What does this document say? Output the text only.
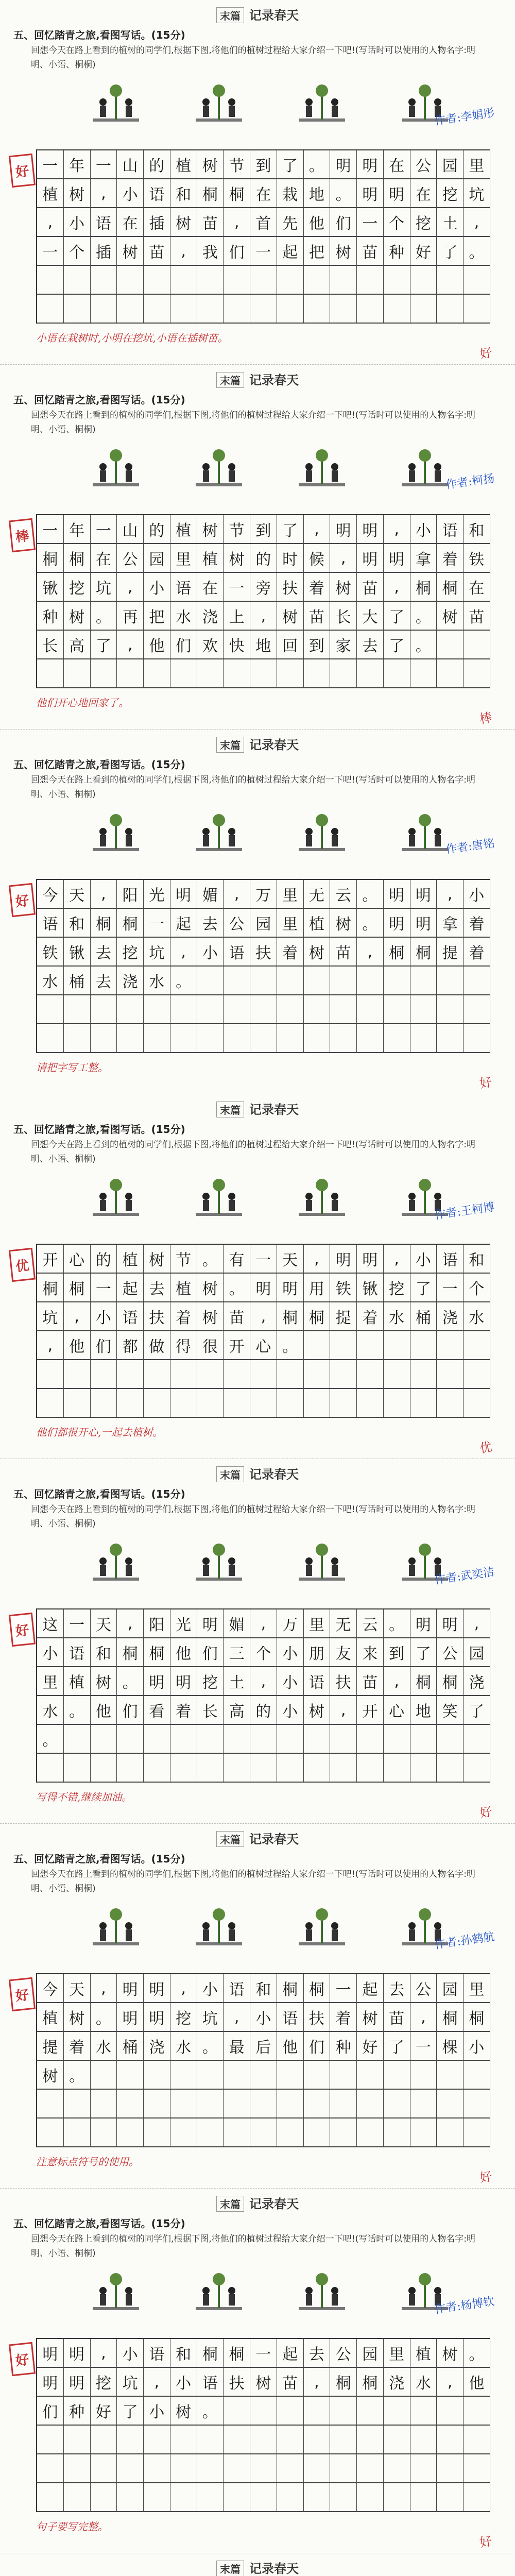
末篇 记录春天
五、回忆踏青之旅,看图写话。(15分)
回想今天在路上看到的植树的同学们,根据下图,将他们的植树过程给大家介绍一下吧!(写话时可以使用的人物名字:明明、小语、桐桐)
作者:李娟彤
好 一 年 一 山 的 植 树 节 到 了 。 明 明 在 公 园 里
植 树	,	小 语 和 桐 桐 在 栽 地 。 明 明 在 挖 坑
,	小 语 在 插 树 苗	,	首 先 他 们 一 个 挖 土	,
一 个 插 树 苗	,	我 们 一 起 把 树 苗 种 好 了 。
小语在栽树时,小明在挖坑,小语在插树苗。
好
末篇 记录春天
五、回忆踏青之旅,看图写话。(15分)
回想今天在路上看到的植树的同学们,根据下图,将他们的植树过程给大家介绍一下吧!(写话时可以使用的人物名字:明明、小语、桐桐)
作者:柯扬
棒 一 年 一 山 的 植 树 节 到 了	,	明 明	,	小 语 和
桐 桐 在 公 园 里 植 树 的 时 候	,	明 明 拿 着 铁
锹 挖 坑	,	小 语 在 一 旁 扶 着 树 苗	,	桐 桐 在
种 树 。 再 把 水 浇 上	,	树 苗 长 大 了 。 树 苗
长 高 了	,	他 们 欢 快 地 回 到 家 去 了 。
他们开心地回家了。
棒
末篇 记录春天
五、回忆踏青之旅,看图写话。(15分)
回想今天在路上看到的植树的同学们,根据下图,将他们的植树过程给大家介绍一下吧!(写话时可以使用的人物名字:明明、小语、桐桐)
作者:唐铭
好 今 天	,	阳 光 明 媚	,	万 里 无 云 。 明 明	,	小
语 和 桐 桐 一 起 去 公 园 里 植 树 。 明 明 拿 着
铁 锹 去 挖 坑	,	小 语 扶 着 树 苗	,	桐 桐 提 着
水 桶 去 浇 水 。
请把字写工整。
好
末篇 记录春天
五、回忆踏青之旅,看图写话。(15分)
回想今天在路上看到的植树的同学们,根据下图,将他们的植树过程给大家介绍一下吧!(写话时可以使用的人物名字:明明、小语、桐桐)
作者:王柯博
优 开 心 的 植 树 节 。 有 一 天	,	明 明	,	小 语 和
桐 桐 一 起 去 植 树 。 明 明 用 铁 锹 挖 了 一 个
坑	,	小 语 扶 着 树 苗	,	桐 桐 提 着 水 桶 浇 水
,	他 们 都 做 得 很 开 心 。
他们都很开心,一起去植树。
优
末篇 记录春天
五、回忆踏青之旅,看图写话。(15分)
回想今天在路上看到的植树的同学们,根据下图,将他们的植树过程给大家介绍一下吧!(写话时可以使用的人物名字:明明、小语、桐桐)
作者:武奕洁
好 这 一 天	,	阳 光 明 媚	,	万 里 无 云 。 明 明	,
小 语 和 桐 桐 他 们 三 个 小 朋 友 来 到 了 公 园
里 植 树 。 明 明 挖 土	,	小 语 扶 苗	,	桐 桐 浇
水 。 他 们 看 着 长 高 的 小 树	,	开 心 地 笑 了
。
写得不错,继续加油。
好
末篇 记录春天
五、回忆踏青之旅,看图写话。(15分)
回想今天在路上看到的植树的同学们,根据下图,将他们的植树过程给大家介绍一下吧!(写话时可以使用的人物名字:明明、小语、桐桐)
作者:孙鹤航
好 今 天	,	明 明	,	小 语 和 桐 桐 一 起 去 公 园 里
植 树 。 明 明 挖 坑	,	小 语 扶 着 树 苗	,	桐 桐
提 着 水 桶 浇 水 。 最 后 他 们 种 好 了 一 棵 小
树 。
注意标点符号的使用。
好
末篇 记录春天
五、回忆踏青之旅,看图写话。(15分)
回想今天在路上看到的植树的同学们,根据下图,将他们的植树过程给大家介绍一下吧!(写话时可以使用的人物名字:明明、小语、桐桐)
作者:杨博钦
好 明 明	,	小 语 和 桐 桐 一 起 去 公 园 里 植 树 。
明 明 挖 坑	,	小 语 扶 树 苗	,	桐 桐 浇 水	,	他
们 种 好 了 小 树 。
句子要写完整。
好
末篇 记录春天
